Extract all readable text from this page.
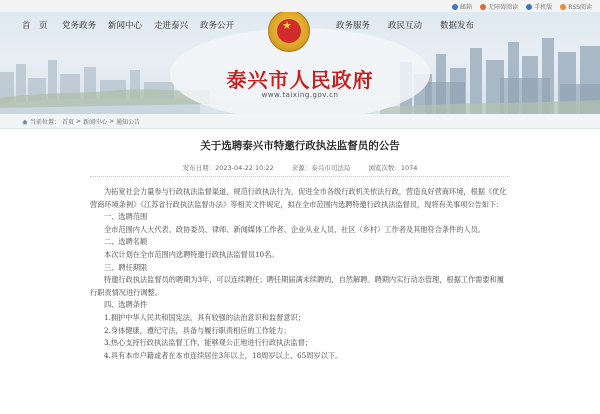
邮箱	无障碍阅读	手机版	RSS阅读
首　页 党务政务 新闻中心 走进泰兴 政务公开	政务服务 政民互动 数据发布
★
泰兴市人民政府
www.taixing.gov.cn
当前位置： 首页 > 新闻中心 > 通知公告
关于选聘泰兴市特邀行政执法监督员的公告
发布日期：2023-04-22 10:22	来源：泰兴市司法局	浏览次数：1074

为拓宽社会力量参与行政执法监督渠道，规范行政执法行为，促进全市各级行政机关依法行政，营造良好营商环境，根据《优化营商环境条例》《江苏省行政执法监督办法》等相关文件规定，拟在全市范围内选聘特邀行政执法监督员，现将有关事项公告如下：

一、选聘范围

全市范围内人大代表、政协委员、律师、新闻媒体工作者、企业从业人员、社区（乡村）工作者及其他符合条件的人员。

二、选聘名额

本次计划在全市范围内选聘特邀行政执法监督员10名。

三、聘任期限

特邀行政执法监督员的聘期为3年，可以连续聘任；聘任期届满未续聘的，自然解聘。聘期内实行动态管理，根据工作需要和履行职责情况进行调整。

四、选聘条件

1.拥护中华人民共和国宪法，具有较强的法治意识和监督意识；

2.身体健康，遵纪守法，具备与履行职责相应的工作能力；

3.热心支持行政执法监督工作，能够观公正地进行行政执法监督；

4.具有本市户籍或者在本市连续居住3年以上，18周岁以上、65周岁以下。
